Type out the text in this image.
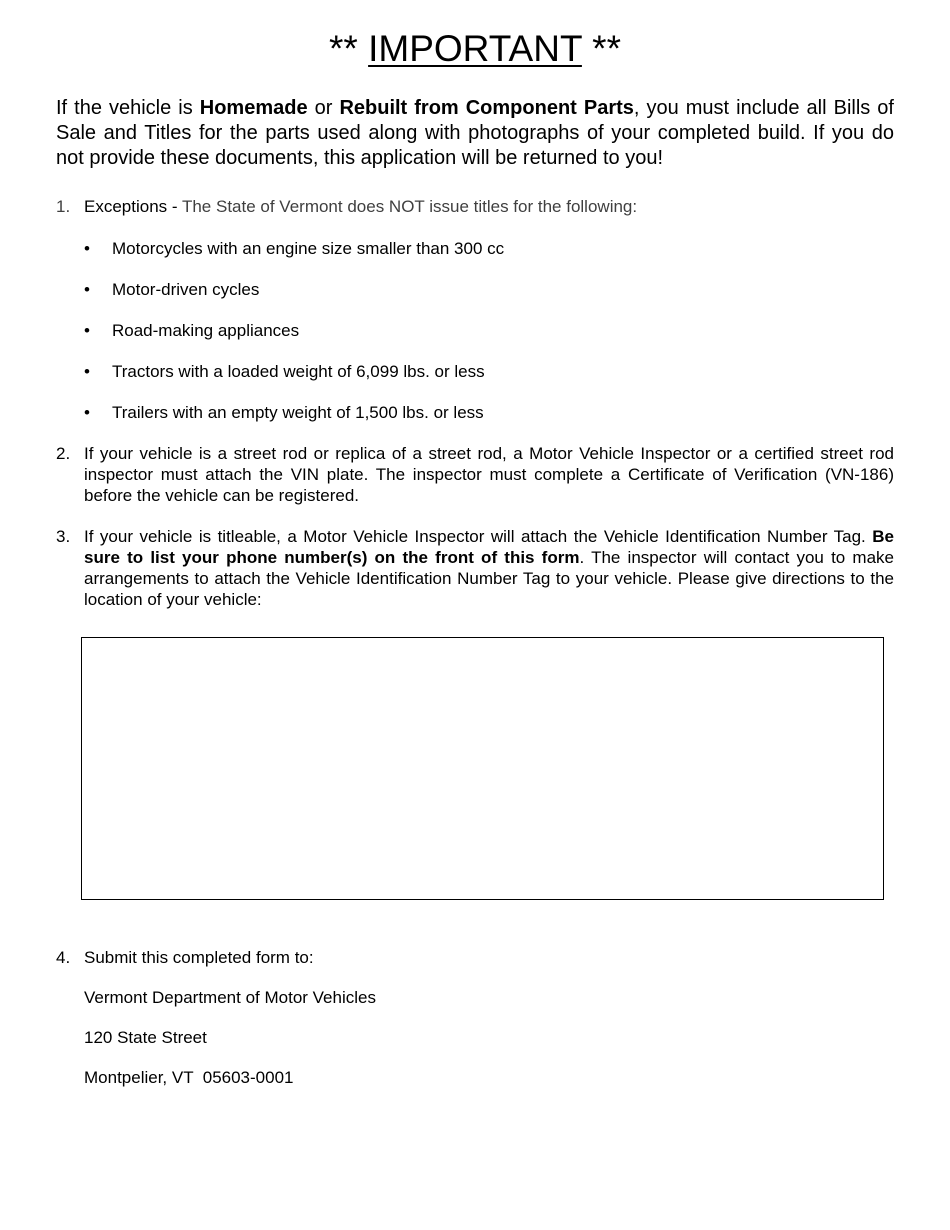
** IMPORTANT **

If the vehicle is Homemade or Rebuilt from Component Parts, you must include all Bills of Sale and Titles for the parts used along with photographs of your completed build. If you do not provide these documents, this application will be returned to you!

1. Exceptions - The State of Vermont does NOT issue titles for the following:

• Motorcycles with an engine size smaller than 300 cc
• Motor-driven cycles
• Road-making appliances
• Tractors with a loaded weight of 6,099 lbs. or less
• Trailers with an empty weight of 1,500 lbs. or less
2. If your vehicle is a street rod or replica of a street rod, a Motor Vehicle Inspector or a certified street rod inspector must attach the VIN plate. The inspector must complete a Certificate of Verification (VN-186) before the vehicle can be registered.

3. If your vehicle is titleable, a Motor Vehicle Inspector will attach the Vehicle Identification Number Tag. Be sure to list your phone number(s) on the front of this form. The inspector will contact you to make arrangements to attach the Vehicle Identification Number Tag to your vehicle. Please give directions to the location of your vehicle:

4. Submit this completed form to:
Vermont Department of Motor Vehicles
120 State Street
Montpelier, VT  05603-0001
